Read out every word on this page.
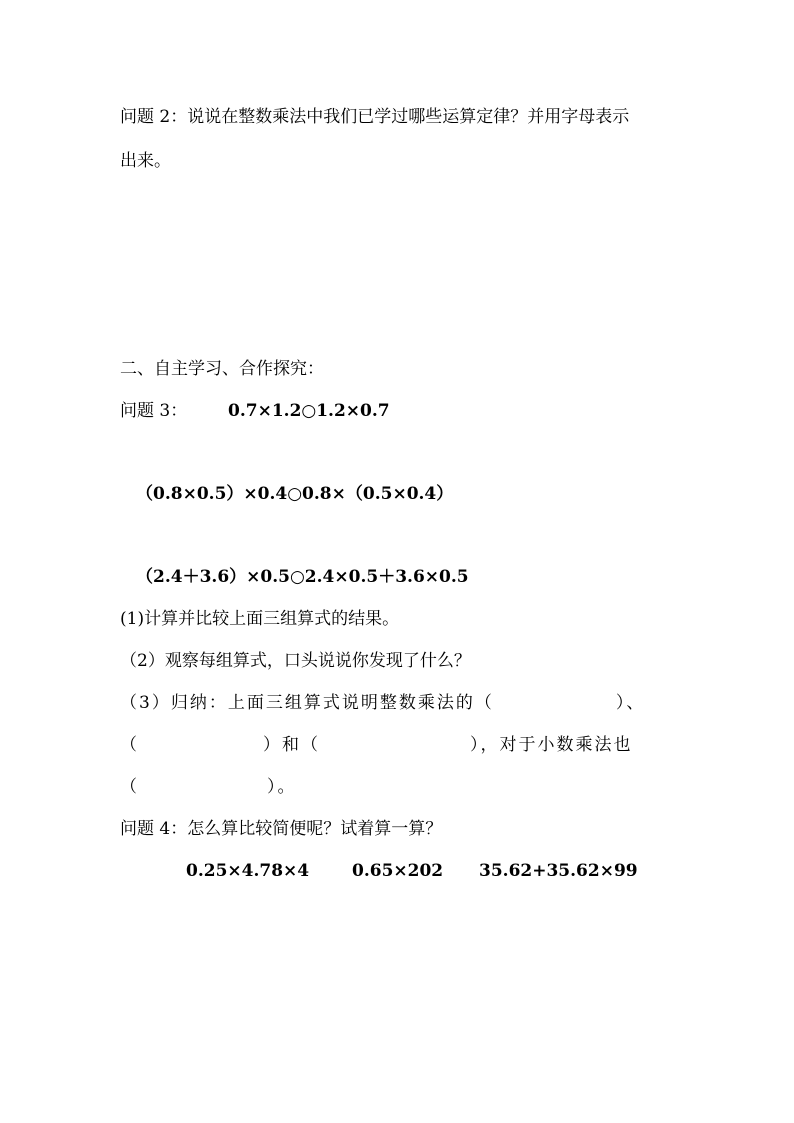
问题 2：说说在整数乘法中我们已学过哪些运算定律？并用字母表示
出来。
二、自主学习、合作探究：
问题 3： 0.7×1.2○1.2×0.7
（0.8×0.5）×0.4○0.8×（0.5×0.4）
（2.4＋3.6）×0.5○2.4×0.5＋3.6×0.5
(1)计算并比较上面三组算式的结果。
（2）观察每组算式，口头说说你发现了什么？
（3）归纳：上面三组算式说明整数乘法的（	）、
（	）和（	），对于小数乘法也
（	）。
问题 4：怎么算比较简便呢？试着算一算？
0.25×4.78×4	0.65×202 35.62+35.62×99
